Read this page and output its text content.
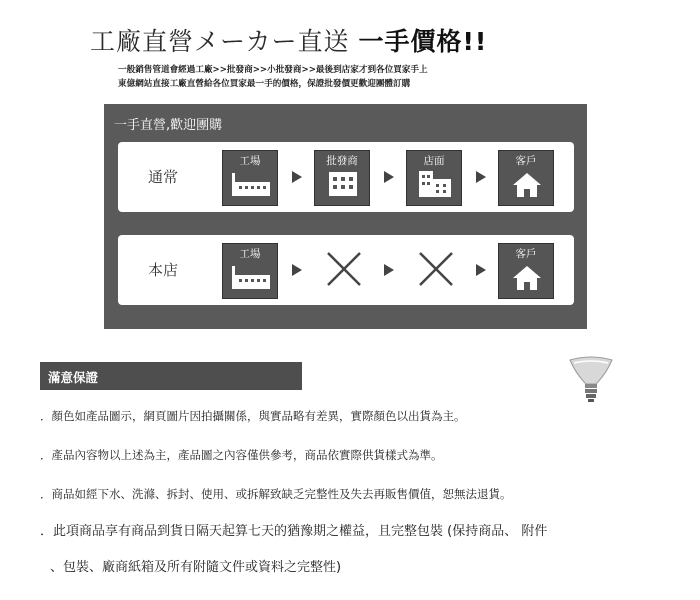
工廠直營メーカー直送 一手價格!!
一般銷售管道會經過工廠>>批發商>>小批發商>>最後到店家才到各位買家手上
東億網站直接工廠直營給各位買家最一手的價格，保證批發價更歡迎團體訂購
一手直營,歡迎團購
通常
工場	批發商	店面	客戶
本店
工場	客戶
滿意保證
．顏色如產品圖示，網頁圖片因拍攝關係，與實品略有差異，實際顏色以出貨為主。
．產品內容物以上述為主，產品圖之內容僅供參考，商品依實際供貨樣式為準。
．商品如經下水、洗滌、拆封、使用、或拆解致缺乏完整性及失去再販售價值，恕無法退貨。
．此項商品享有商品到貨日隔天起算七天的猶豫期之權益，且完整包裝 (保持商品、 附件
、包裝、廠商紙箱及所有附隨文件或資料之完整性)
